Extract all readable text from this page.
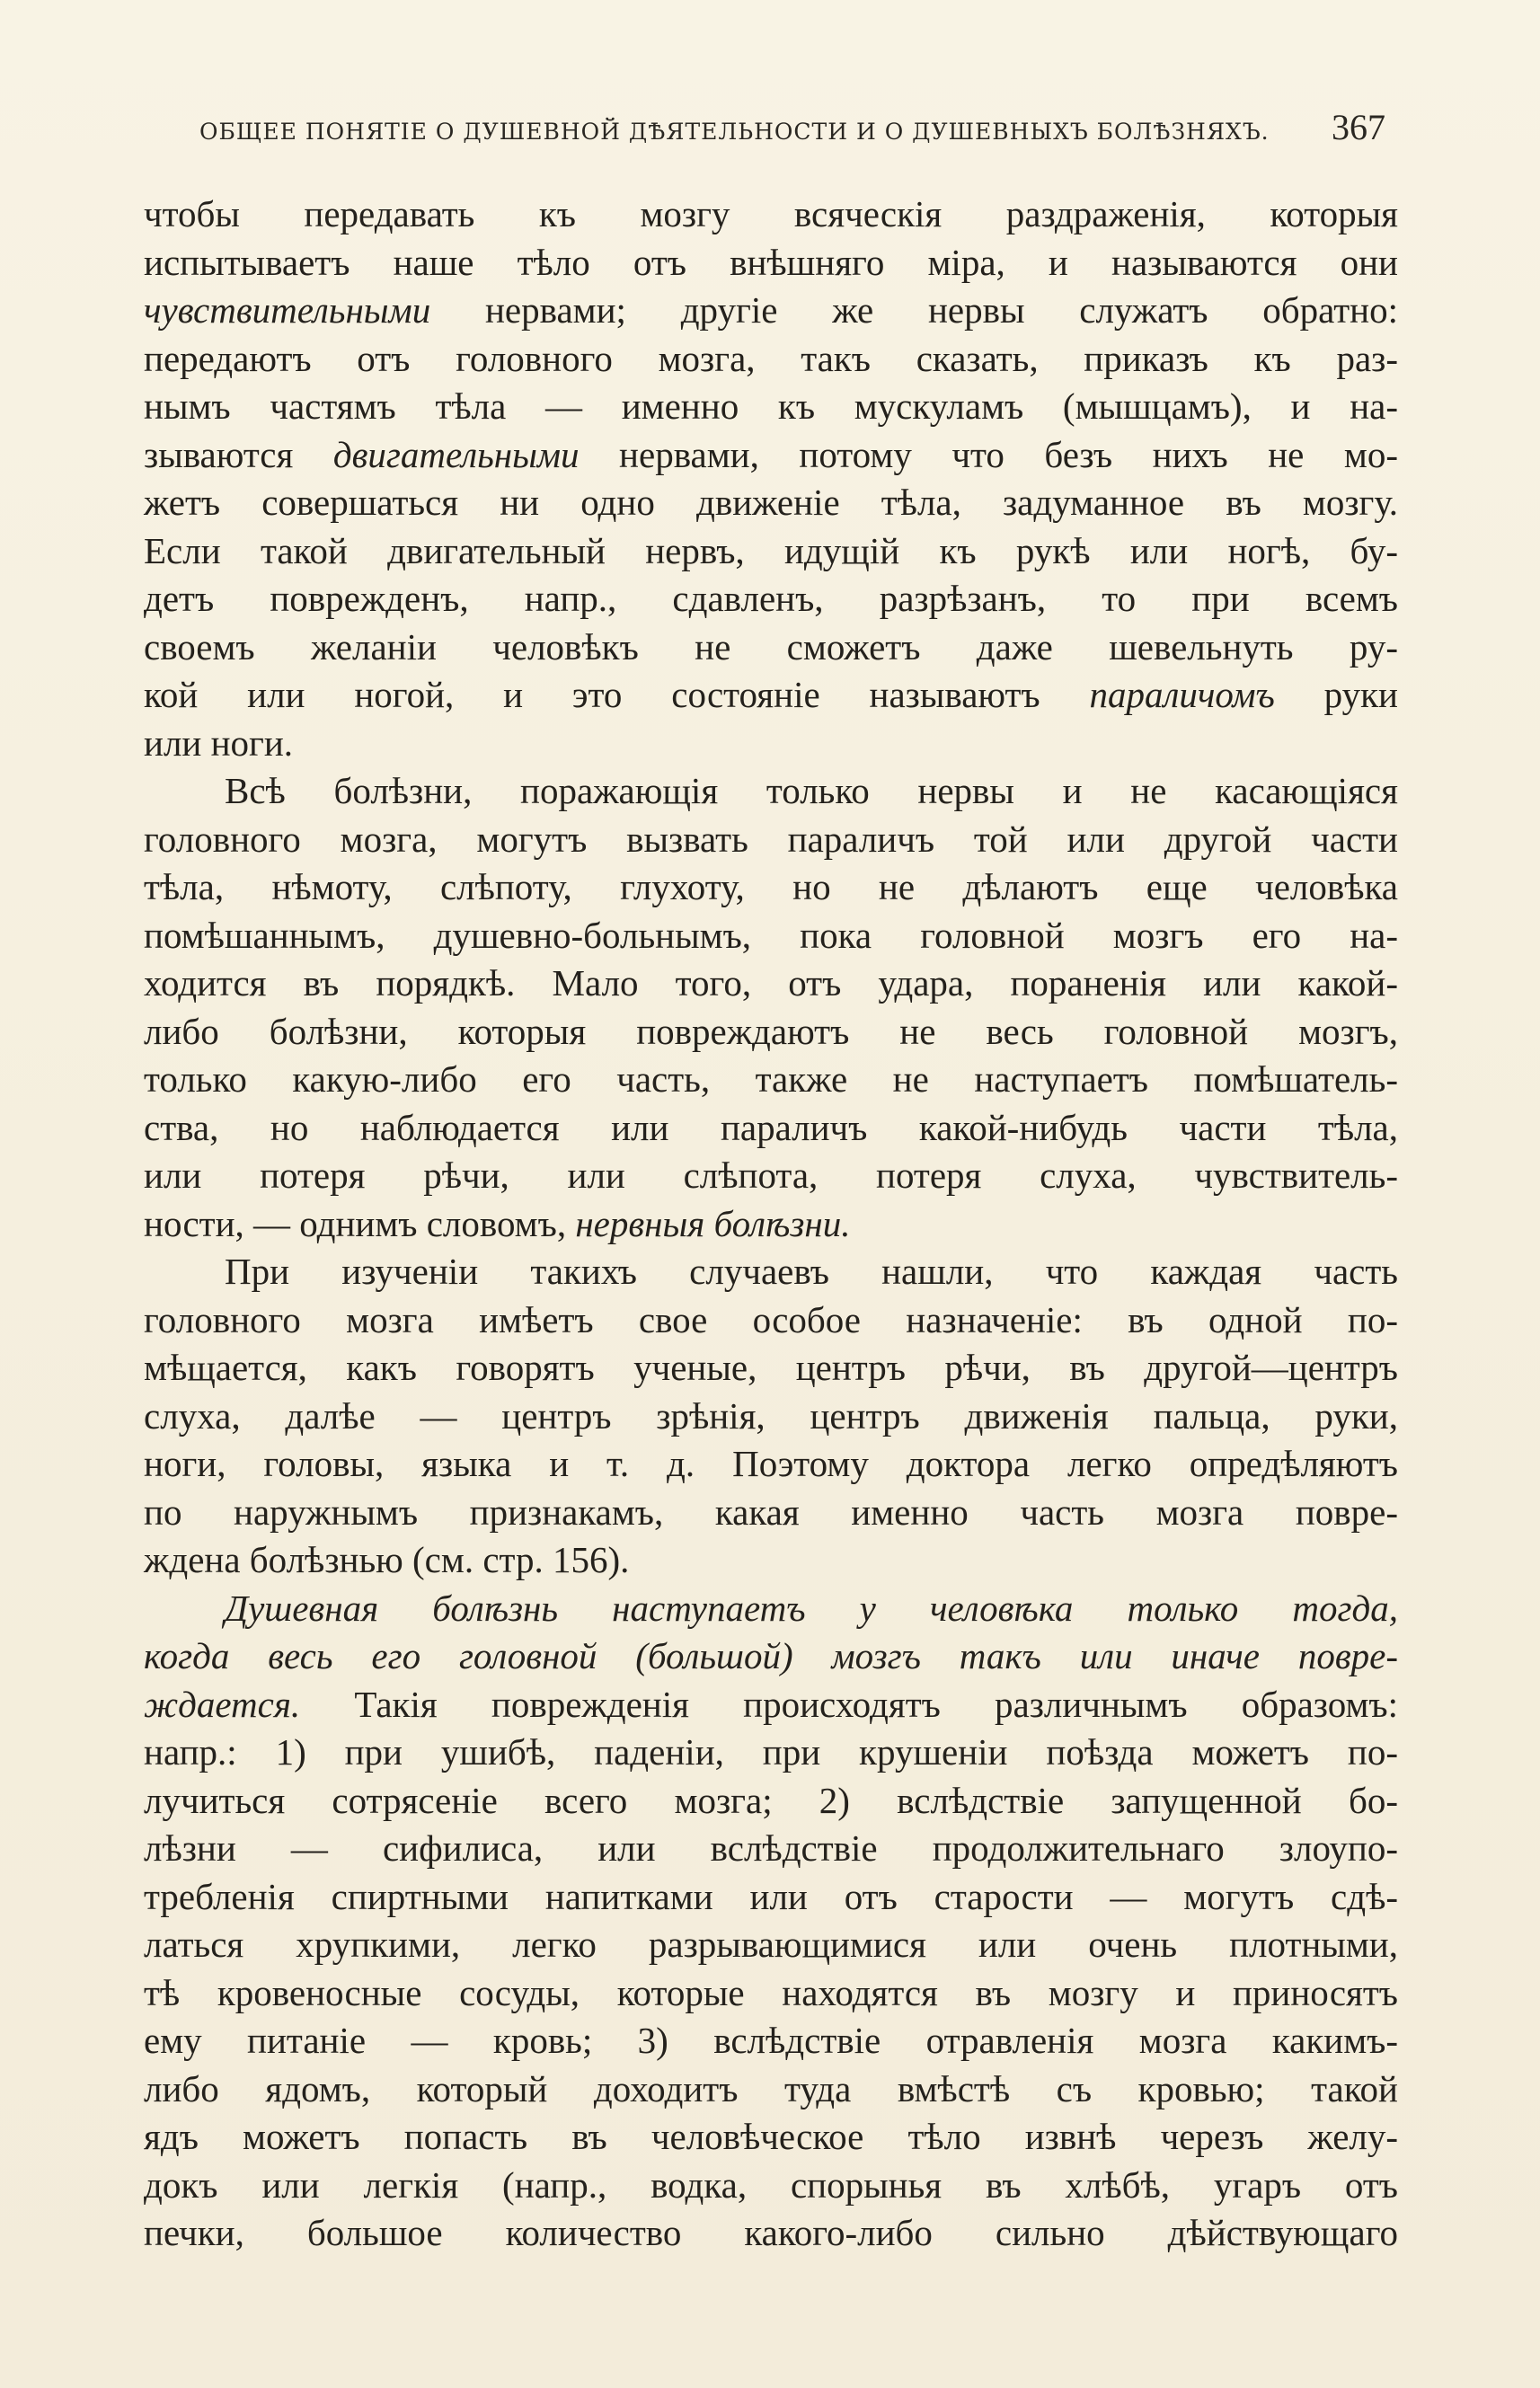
ОБЩЕЕ ПОНЯТІЕ О ДУШЕВНОЙ ДѢЯТЕЛЬНОСТИ И О ДУШЕВНЫХЪ БОЛѢЗНЯХЪ. 367
чтобы передавать къ мозгу всяческія раздраженія, которыя
испытываетъ наше тѣло отъ внѣшняго міра, и называются они
чувствительными нервами; другіе же нервы служатъ обратно:
передаютъ отъ головного мозга, такъ сказать, приказъ къ раз-
нымъ частямъ тѣла — именно къ мускуламъ (мышцамъ), и на-
зываются двигательными нервами, потому что безъ нихъ не мо-
жетъ совершаться ни одно движеніе тѣла, задуманное въ мозгу.
Если такой двигательный нервъ, идущій къ рукѣ или ногѣ, бу-
детъ поврежденъ, напр., сдавленъ, разрѣзанъ, то при всемъ
своемъ желаніи человѣкъ не сможетъ даже шевельнуть ру-
кой или ногой, и это состояніе называютъ параличомъ руки
или ноги.
Всѣ болѣзни, поражающія только нервы и не касающіяся
головного мозга, могутъ вызвать параличъ той или другой части
тѣла, нѣмоту, слѣпоту, глухоту, но не дѣлаютъ еще человѣка
помѣшаннымъ, душевно-больнымъ, пока головной мозгъ его на-
ходится въ порядкѣ. Мало того, отъ удара, пораненія или какой-
либо болѣзни, которыя повреждаютъ не весь головной мозгъ,
только какую-либо его часть, также не наступаетъ помѣшатель-
ства, но наблюдается или параличъ какой-нибудь части тѣла,
или потеря рѣчи, или слѣпота, потеря слуха, чувствитель-
ности, — однимъ словомъ, нервныя болѣзни.
При изученіи такихъ случаевъ нашли, что каждая часть
головного мозга имѣетъ свое особое назначеніе: въ одной по-
мѣщается, какъ говорятъ ученые, центръ рѣчи, въ другой—центръ
слуха, далѣе — центръ зрѣнія, центръ движенія пальца, руки,
ноги, головы, языка и т. д. Поэтому доктора легко опредѣляютъ
по наружнымъ признакамъ, какая именно часть мозга повре-
ждена болѣзнью (см. стр. 156).
Душевная болѣзнь наступаетъ у человѣка только тогда,
когда весь его головной (большой) мозгъ такъ или иначе повре-
ждается. Такія поврежденія происходятъ различнымъ образомъ:
напр.: 1) при ушибѣ, паденіи, при крушеніи поѣзда можетъ по-
лучиться сотрясеніе всего мозга; 2) вслѣдствіе запущенной бо-
лѣзни — сифилиса, или вслѣдствіе продолжительнаго злоупо-
требленія спиртными напитками или отъ старости — могутъ сдѣ-
латься хрупкими, легко разрывающимися или очень плотными,
тѣ кровеносные сосуды, которые находятся въ мозгу и приносятъ
ему питаніе — кровь; 3) вслѣдствіе отравленія мозга какимъ-
либо ядомъ, который доходитъ туда вмѣстѣ съ кровью; такой
ядъ можетъ попасть въ человѣческое тѣло извнѣ черезъ желу-
докъ или легкія (напр., водка, спорынья въ хлѣбѣ, угаръ отъ
печки, большое количество какого-либо сильно дѣйствующаго
